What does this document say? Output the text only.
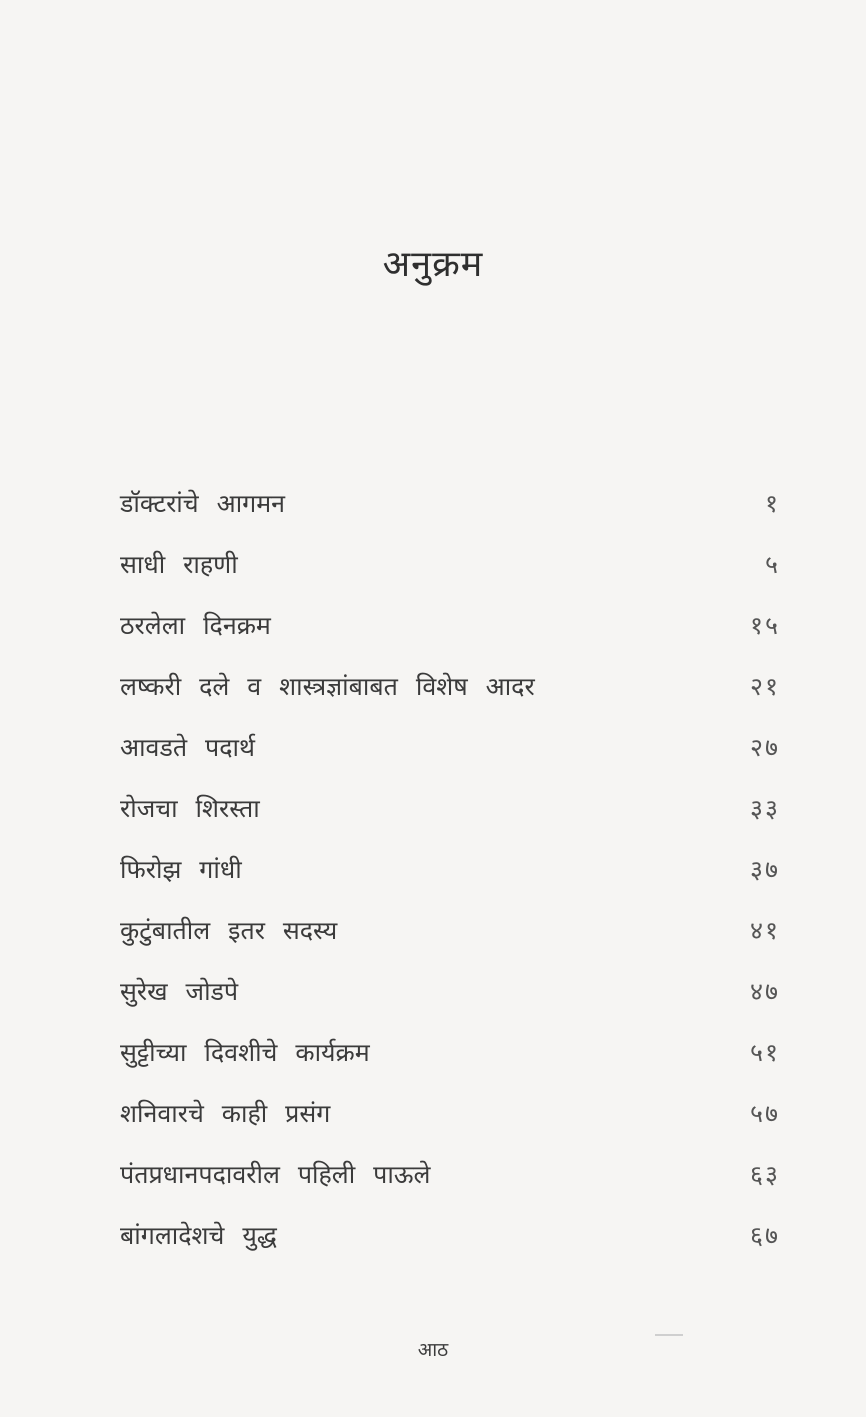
अनुक्रम
डॉक्टरांचे आगमन	१
साधी राहणी	५
ठरलेला दिनक्रम	१५
लष्करी दले व शास्त्रज्ञांबाबत विशेष आदर	२१
आवडते पदार्थ	२७
रोजचा शिरस्ता	३३
फिरोझ गांधी	३७
कुटुंबातील इतर सदस्य	४१
सुरेख जोडपे	४७
सुट्टीच्या दिवशीचे कार्यक्रम	५१
शनिवारचे काही प्रसंग	५७
पंतप्रधानपदावरील पहिली पाऊले	६३
बांगलादेशचे युद्ध	६७
आठ
